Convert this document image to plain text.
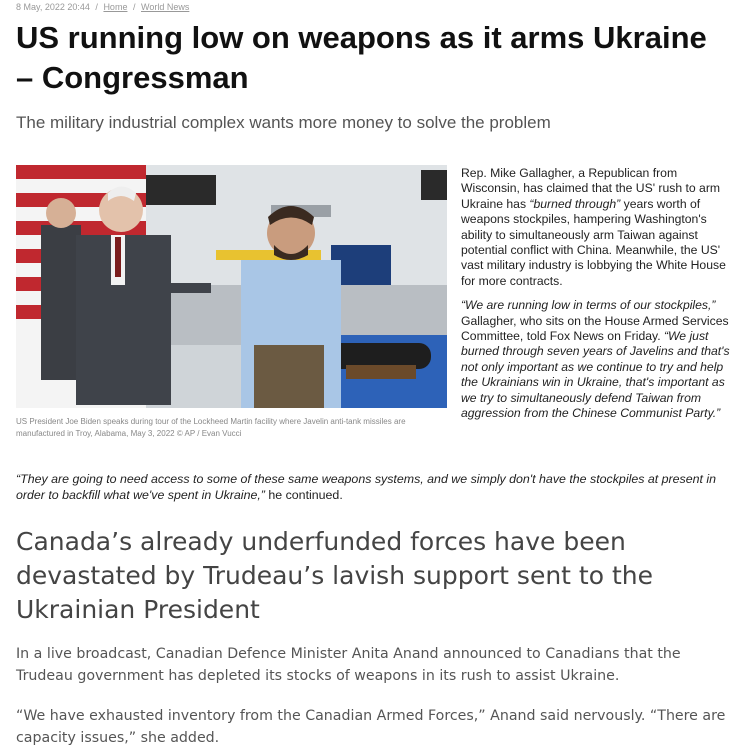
8 May, 2022 20:44 / Home / World News
US running low on weapons as it arms Ukraine – Congressman
The military industrial complex wants more money to solve the problem
US President Joe Biden speaks during tour of the Lockheed Martin facility where Javelin anti-tank missiles are manufactured in Troy, Alabama, May 3, 2022 © AP / Evan Vucci

Rep. Mike Gallagher, a Republican from Wisconsin, has claimed that the US' rush to arm Ukraine has “burned through” years worth of weapons stockpiles, hampering Washington's ability to simultaneously arm Taiwan against potential conflict with China. Meanwhile, the US' vast military industry is lobbying the White House for more contracts.

“We are running low in terms of our stockpiles,” Gallagher, who sits on the House Armed Services Committee, told Fox News on Friday. “We just burned through seven years of Javelins and that's not only important as we continue to try and help the Ukrainians win in Ukraine, that's important as we try to simultaneously defend Taiwan from aggression from the Chinese Communist Party.”

“They are going to need access to some of these same weapons systems, and we simply don't have the stockpiles at present in order to backfill what we've spent in Ukraine,” he continued.
Canada’s already underfunded forces have been devastated by Trudeau’s lavish support sent to the Ukrainian President

In a live broadcast, Canadian Defence Minister Anita Anand announced to Canadians that the Trudeau government has depleted its stocks of weapons in its rush to assist Ukraine.

“We have exhausted inventory from the Canadian Armed Forces,” Anand said nervously. “There are capacity issues,” she added.
